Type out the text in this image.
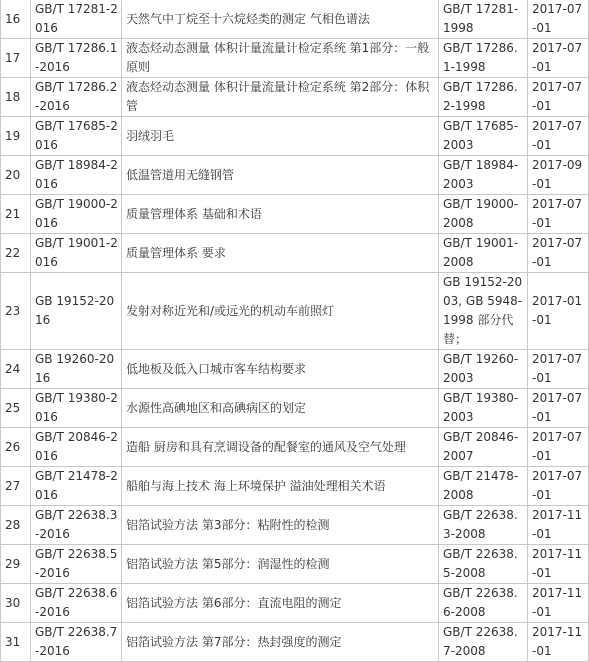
16	GB/T 17281-2016	天然气中丁烷至十六烷烃类的测定 气相色谱法	GB/T 17281-1998	2017-07-01
17	GB/T 17286.1-2016	液态烃动态测量 体积计量流量计检定系统 第1部分：一般原则	GB/T 17286.1-1998	2017-07-01
18	GB/T 17286.2-2016	液态烃动态测量 体积计量流量计检定系统 第2部分：体积管	GB/T 17286.2-1998	2017-07-01
19	GB/T 17685-2016	羽绒羽毛	GB/T 17685-2003	2017-07-01
20	GB/T 18984-2016	低温管道用无缝钢管	GB/T 18984-2003	2017-09-01
21	GB/T 19000-2016	质量管理体系 基础和术语	GB/T 19000-2008	2017-07-01
22	GB/T 19001-2016	质量管理体系 要求	GB/T 19001-2008	2017-07-01
23	GB 19152-2016	发射对称近光和/或远光的机动车前照灯	GB 19152-2003, GB 5948-1998 部分代替；	2017-01-01
24	GB 19260-2016	低地板及低入口城市客车结构要求	GB/T 19260-2003	2017-07-01
25	GB/T 19380-2016	水源性高碘地区和高碘病区的划定	GB/T 19380-2003	2017-07-01
26	GB/T 20846-2016	造船 厨房和具有烹调设备的配餐室的通风及空气处理	GB/T 20846-2007	2017-07-01
27	GB/T 21478-2016	船舶与海上技术 海上环境保护 溢油处理相关术语	GB/T 21478-2008	2017-07-01
28	GB/T 22638.3-2016	铝箔试验方法 第3部分：粘附性的检测	GB/T 22638.3-2008	2017-11-01
29	GB/T 22638.5-2016	铝箔试验方法 第5部分：润湿性的检测	GB/T 22638.5-2008	2017-11-01
30	GB/T 22638.6-2016	铝箔试验方法 第6部分：直流电阻的测定	GB/T 22638.6-2008	2017-11-01
31	GB/T 22638.7-2016	铝箔试验方法 第7部分：热封强度的测定	GB/T 22638.7-2008	2017-11-01
